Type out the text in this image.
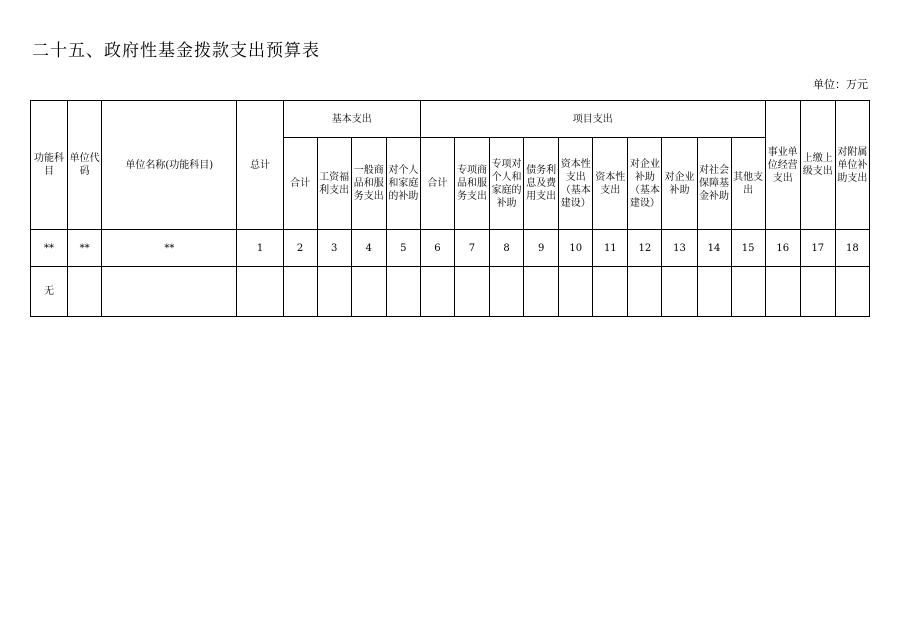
二十五、政府性基金拨款支出预算表
单位：万元
功能科目	单位代码	单位名称(功能科目)	总计	基本支出				项目支出										事业单位经营支出	上缴上级支出	对附属单位补助支出
				合计	工资福利支出	一般商品和服务支出	对个人和家庭的补助	合计	专项商品和服务支出	专项对个人和家庭的补助	债务利息及费用支出	资本性支出（基本建设）	资本性支出	对企业补助（基本建设）	对企业补助	对社会保障基金补助	其他支出			
**	**	**	1	2	3	4	5	6	7	8	9	10	11	12	13	14	15	16	17	18
无																				
